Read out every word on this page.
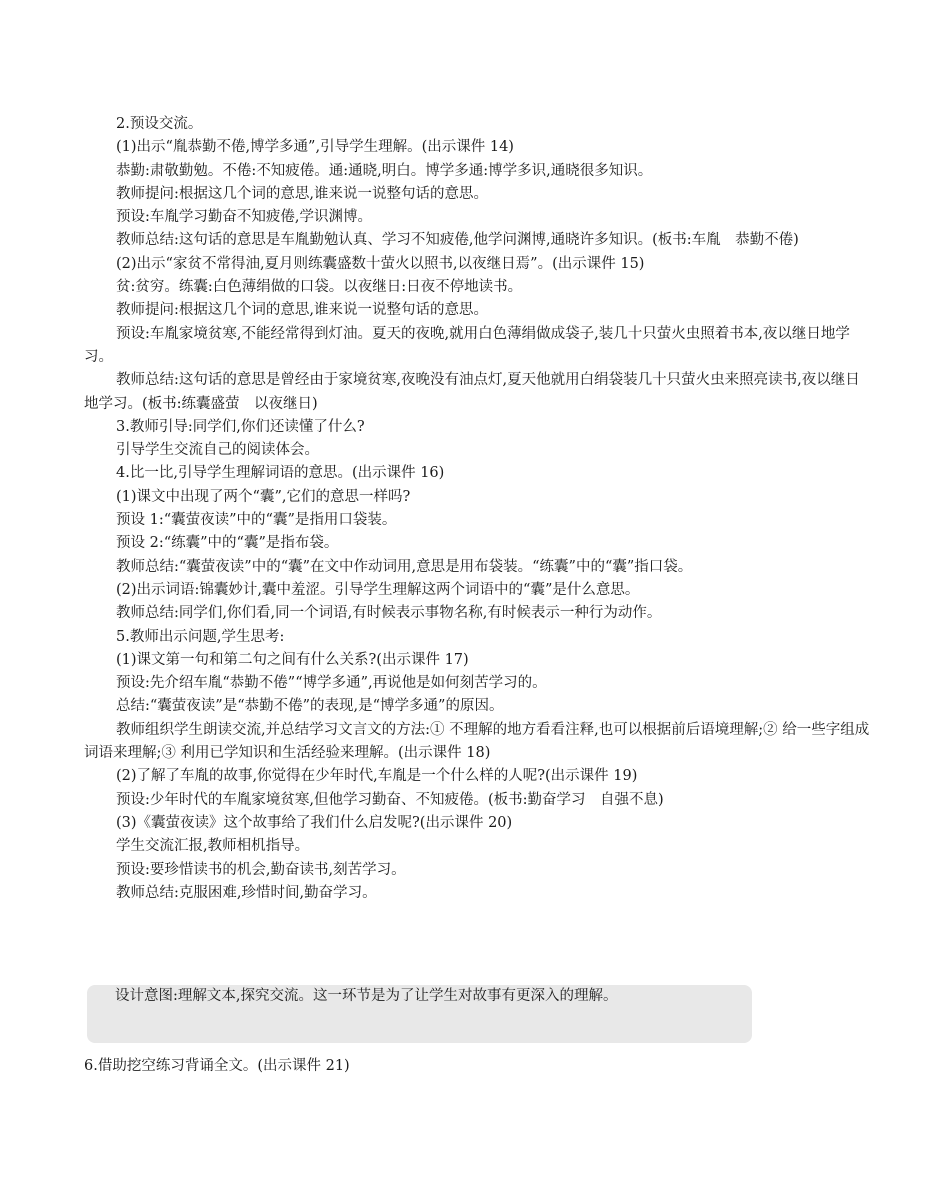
2.预设交流。

(1)出示“胤恭勤不倦,博学多通”,引导学生理解。(出示课件 14)

恭勤:肃敬勤勉。不倦:不知疲倦。通:通晓,明白。博学多通:博学多识,通晓很多知识。

教师提问:根据这几个词的意思,谁来说一说整句话的意思。

预设:车胤学习勤奋不知疲倦,学识渊博。

教师总结:这句话的意思是车胤勤勉认真、学习不知疲倦,他学问渊博,通晓许多知识。(板书:车胤　恭勤不倦)

(2)出示“家贫不常得油,夏月则练囊盛数十萤火以照书,以夜继日焉”。(出示课件 15)

贫:贫穷。练囊:白色薄绢做的口袋。以夜继日:日夜不停地读书。

教师提问:根据这几个词的意思,谁来说一说整句话的意思。

预设:车胤家境贫寒,不能经常得到灯油。夏天的夜晚,就用白色薄绢做成袋子,装几十只萤火虫照着书本,夜以继日地学习。

教师总结:这句话的意思是曾经由于家境贫寒,夜晚没有油点灯,夏天他就用白绢袋装几十只萤火虫来照亮读书,夜以继日地学习。(板书:练囊盛萤　以夜继日)

3.教师引导:同学们,你们还读懂了什么?

引导学生交流自己的阅读体会。

4.比一比,引导学生理解词语的意思。(出示课件 16)

(1)课文中出现了两个“囊”,它们的意思一样吗?

预设 1:“囊萤夜读”中的“囊”是指用口袋装。

预设 2:“练囊”中的“囊”是指布袋。

教师总结:“囊萤夜读”中的“囊”在文中作动词用,意思是用布袋装。“练囊”中的“囊”指口袋。

(2)出示词语:锦囊妙计,囊中羞涩。引导学生理解这两个词语中的“囊”是什么意思。

教师总结:同学们,你们看,同一个词语,有时候表示事物名称,有时候表示一种行为动作。

5.教师出示问题,学生思考:

(1)课文第一句和第二句之间有什么关系?(出示课件 17)

预设:先介绍车胤“恭勤不倦”“博学多通”,再说他是如何刻苦学习的。

总结:“囊萤夜读”是“恭勤不倦”的表现,是“博学多通”的原因。

教师组织学生朗读交流,并总结学习文言文的方法:① 不理解的地方看看注释,也可以根据前后语境理解;② 给一些字组成词语来理解;③ 利用已学知识和生活经验来理解。(出示课件 18)

(2)了解了车胤的故事,你觉得在少年时代,车胤是一个什么样的人呢?(出示课件 19)

预设:少年时代的车胤家境贫寒,但他学习勤奋、不知疲倦。(板书:勤奋学习　自强不息)

(3)《囊萤夜读》这个故事给了我们什么启发呢?(出示课件 20)

学生交流汇报,教师相机指导。

预设:要珍惜读书的机会,勤奋读书,刻苦学习。

教师总结:克服困难,珍惜时间,勤奋学习。

设计意图:理解文本,探究交流。这一环节是为了让学生对故事有更深入的理解。

6.借助挖空练习背诵全文。(出示课件 21)
